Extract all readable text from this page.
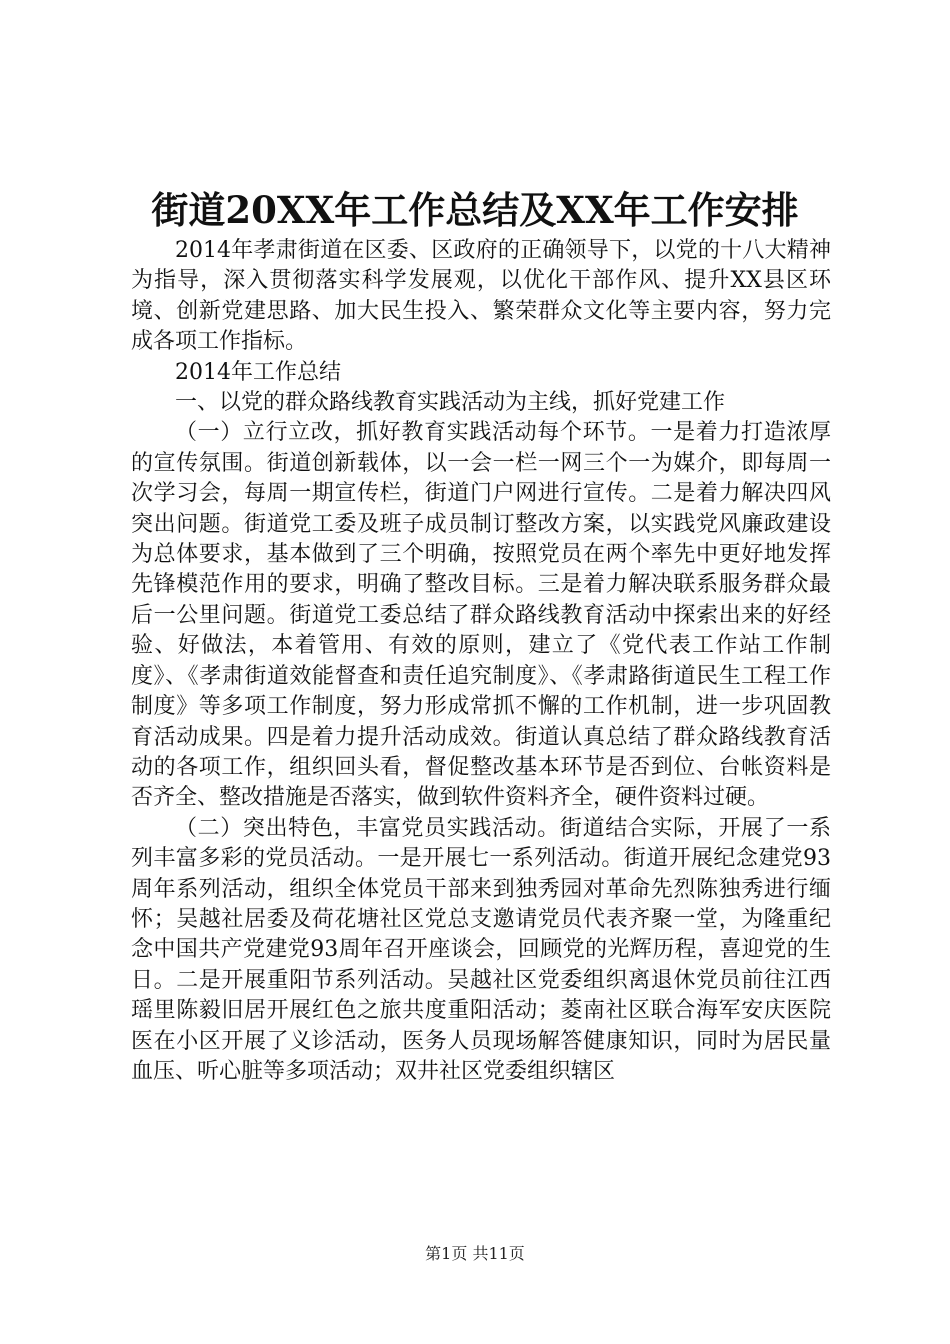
街道20XX年工作总结及XX年工作安排

2014年孝肃街道在区委、区政府的正确领导下，以党的十八大精神为指导，深入贯彻落实科学发展观，以优化干部作风、提升XX县区环境、创新党建思路、加大民生投入、繁荣群众文化等主要内容，努力完成各项工作指标。

2014年工作总结

一、以党的群众路线教育实践活动为主线，抓好党建工作

（一）立行立改，抓好教育实践活动每个环节。一是着力打造浓厚的宣传氛围。街道创新载体，以一会一栏一网三个一为媒介，即每周一次学习会，每周一期宣传栏，街道门户网进行宣传。二是着力解决四风突出问题。街道党工委及班子成员制订整改方案，以实践党风廉政建设为总体要求，基本做到了三个明确，按照党员在两个率先中更好地发挥先锋模范作用的要求，明确了整改目标。三是着力解决联系服务群众最后一公里问题。街道党工委总结了群众路线教育活动中探索出来的好经验、好做法，本着管用、有效的原则，建立了《党代表工作站工作制度》、《孝肃街道效能督查和责任追究制度》、《孝肃路街道民生工程工作制度》等多项工作制度，努力形成常抓不懈的工作机制，进一步巩固教育活动成果。四是着力提升活动成效。街道认真总结了群众路线教育活动的各项工作，组织回头看，督促整改基本环节是否到位、台帐资料是否齐全、整改措施是否落实，做到软件资料齐全，硬件资料过硬。

（二）突出特色，丰富党员实践活动。街道结合实际，开展了一系列丰富多彩的党员活动。一是开展七一系列活动。街道开展纪念建党93周年系列活动，组织全体党员干部来到独秀园对革命先烈陈独秀进行缅怀；吴越社居委及荷花塘社区党总支邀请党员代表齐聚一堂，为隆重纪念中国共产党建党93周年召开座谈会，回顾党的光辉历程，喜迎党的生日。二是开展重阳节系列活动。吴越社区党委组织离退休党员前往江西瑶里陈毅旧居开展红色之旅共度重阳活动；菱南社区联合海军安庆医院医在小区开展了义诊活动，医务人员现场解答健康知识，同时为居民量血压、听心脏等多项活动；双井社区党委组织辖区

第1页 共11页
